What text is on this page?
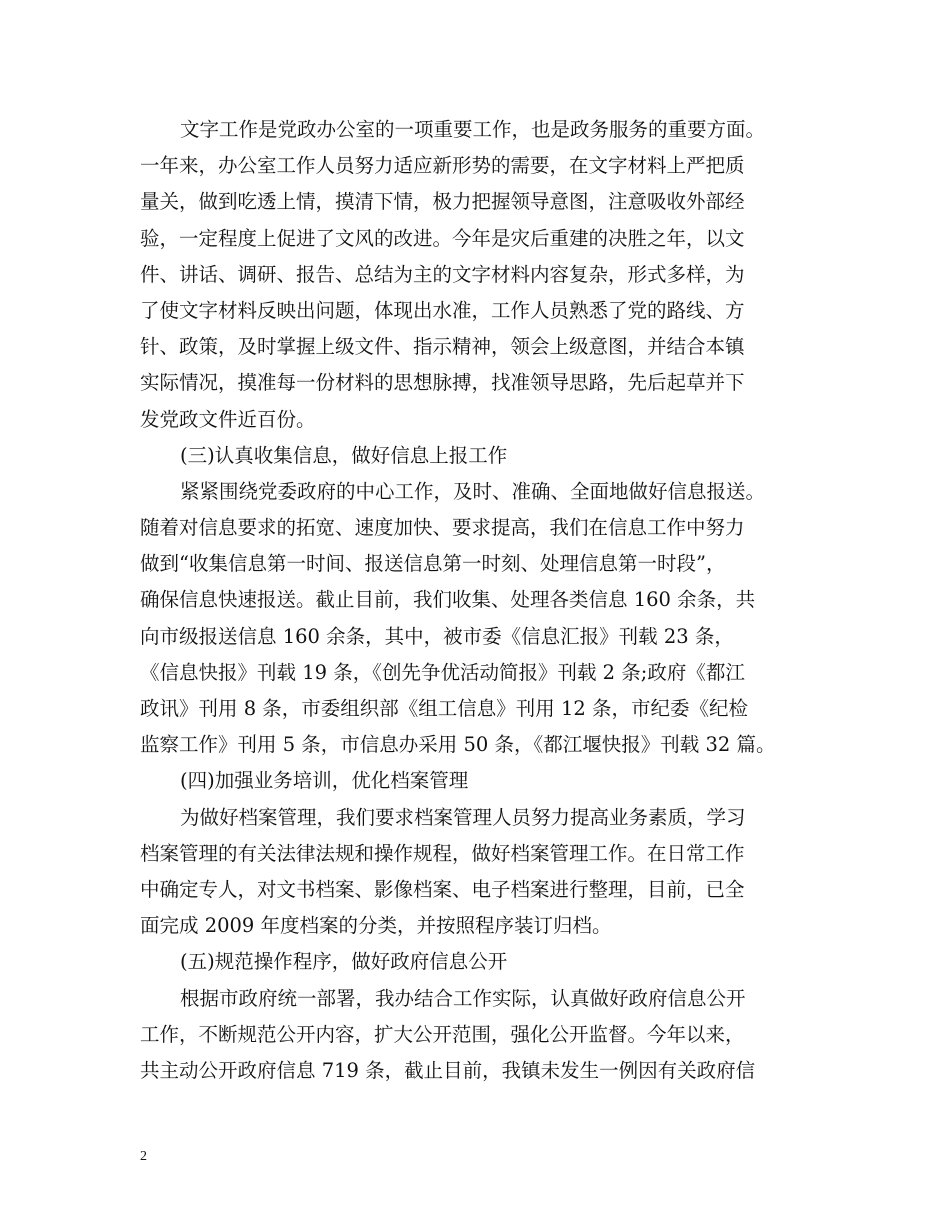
文字工作是党政办公室的一项重要工作，也是政务服务的重要方面。
一年来，办公室工作人员努力适应新形势的需要，在文字材料上严把质
量关，做到吃透上情，摸清下情，极力把握领导意图，注意吸收外部经
验，一定程度上促进了文风的改进。今年是灾后重建的决胜之年，以文
件、讲话、调研、报告、总结为主的文字材料内容复杂，形式多样，为
了使文字材料反映出问题，体现出水准，工作人员熟悉了党的路线、方
针、政策，及时掌握上级文件、指示精神，领会上级意图，并结合本镇
实际情况，摸准每一份材料的思想脉搏，找准领导思路，先后起草并下
发党政文件近百份。
(三)认真收集信息，做好信息上报工作
紧紧围绕党委政府的中心工作，及时、准确、全面地做好信息报送。
随着对信息要求的拓宽、速度加快、要求提高，我们在信息工作中努力
做到“收集信息第一时间、报送信息第一时刻、处理信息第一时段”，
确保信息快速报送。截止目前，我们收集、处理各类信息 160 余条，共
向市级报送信息 160 余条，其中，被市委《信息汇报》刊载 23 条，
《信息快报》刊载 19 条，《创先争优活动简报》刊载 2 条;政府《都江
政讯》刊用 8 条，市委组织部《组工信息》刊用 12 条，市纪委《纪检
监察工作》刊用 5 条，市信息办采用 50 条，《都江堰快报》刊载 32 篇。
(四)加强业务培训，优化档案管理
为做好档案管理，我们要求档案管理人员努力提高业务素质，学习
档案管理的有关法律法规和操作规程，做好档案管理工作。在日常工作
中确定专人，对文书档案、影像档案、电子档案进行整理，目前，已全
面完成 2009 年度档案的分类，并按照程序装订归档。
(五)规范操作程序，做好政府信息公开
根据市政府统一部署，我办结合工作实际，认真做好政府信息公开
工作，不断规范公开内容，扩大公开范围，强化公开监督。今年以来，
共主动公开政府信息 719 条，截止目前，我镇未发生一例因有关政府信
2
